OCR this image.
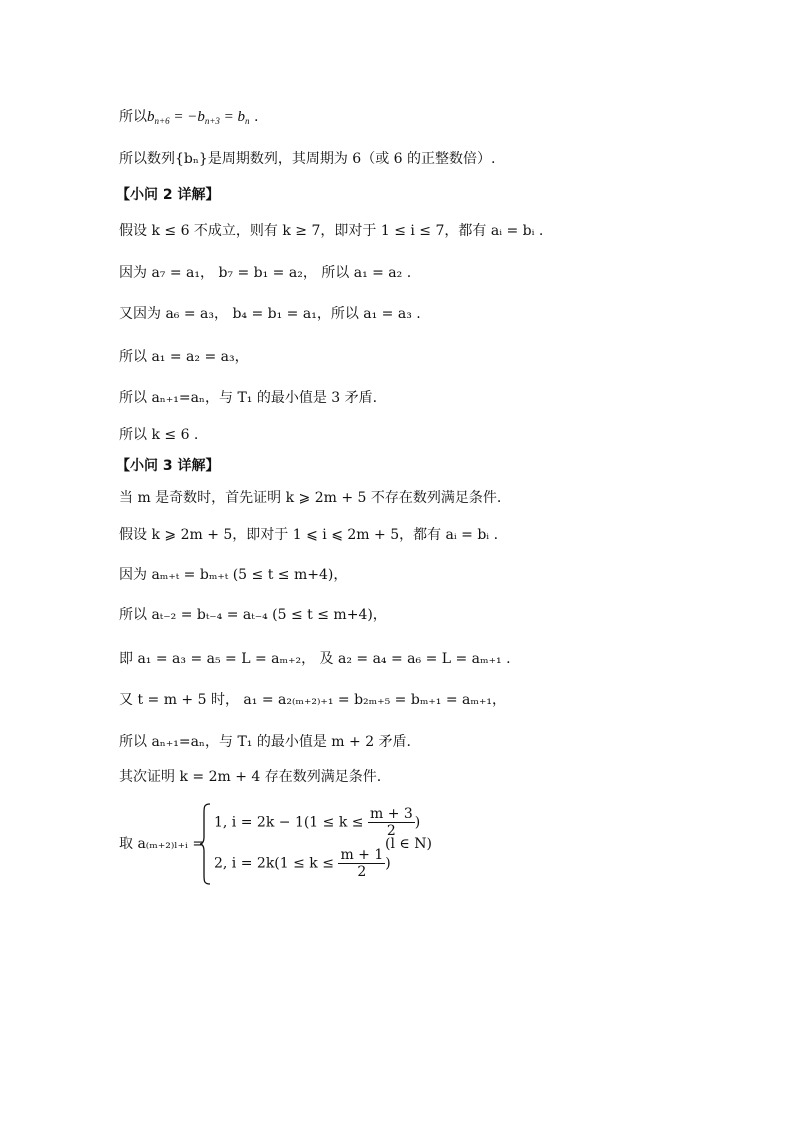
所以$b_{n+6} = -b_{n+3} = b_n$ .
所以数列{bₙ}是周期数列，其周期为 6（或 6 的正整数倍）.
【小问 2 详解】
假设 k ≤ 6 不成立，则有 k ≥ 7，即对于 1 ≤ i ≤ 7，都有 aᵢ = bᵢ .
因为 a₇ = a₁， b₇ = b₁ = a₂， 所以 a₁ = a₂ .
又因为 a₆ = a₃， b₄ = b₁ = a₁，所以 a₁ = a₃ .
所以 a₁ = a₂ = a₃，
所以 aₙ₊₁=aₙ，与 T₁ 的最小值是 3 矛盾.
所以 k ≤ 6 .
【小问 3 详解】
当 m 是奇数时，首先证明 k ⩾ 2m + 5 不存在数列满足条件.
假设 k ⩾ 2m + 5，即对于 1 ⩽ i ⩽ 2m + 5，都有 aᵢ = bᵢ .
因为 aₘ₊ₜ = bₘ₊ₜ (5 ≤ t ≤ m+4)，
所以 aₜ₋₂ = bₜ₋₄ = aₜ₋₄ (5 ≤ t ≤ m+4)，
即 a₁ = a₃ = a₅ = L = aₘ₊₂， 及 a₂ = a₄ = a₆ = L = aₘ₊₁ .
又 t = m + 5 时， a₁ = a₂₍ₘ₊₂₎₊₁ = b₂ₘ₊₅ = bₘ₊₁ = aₘ₊₁，
所以 aₙ₊₁=aₙ，与 T₁ 的最小值是 m + 2 矛盾.
其次证明 k = 2m + 4 存在数列满足条件.
取 a₍ₘ₊₂₎ₗ₊ᵢ =
1, $i = 2k - 1(1 \le k \le \frac{m + 3}{2}$ )
2, $i = 2k(1 \le k \le \frac{m + 1}{2}$ )
(l ∈ N)
